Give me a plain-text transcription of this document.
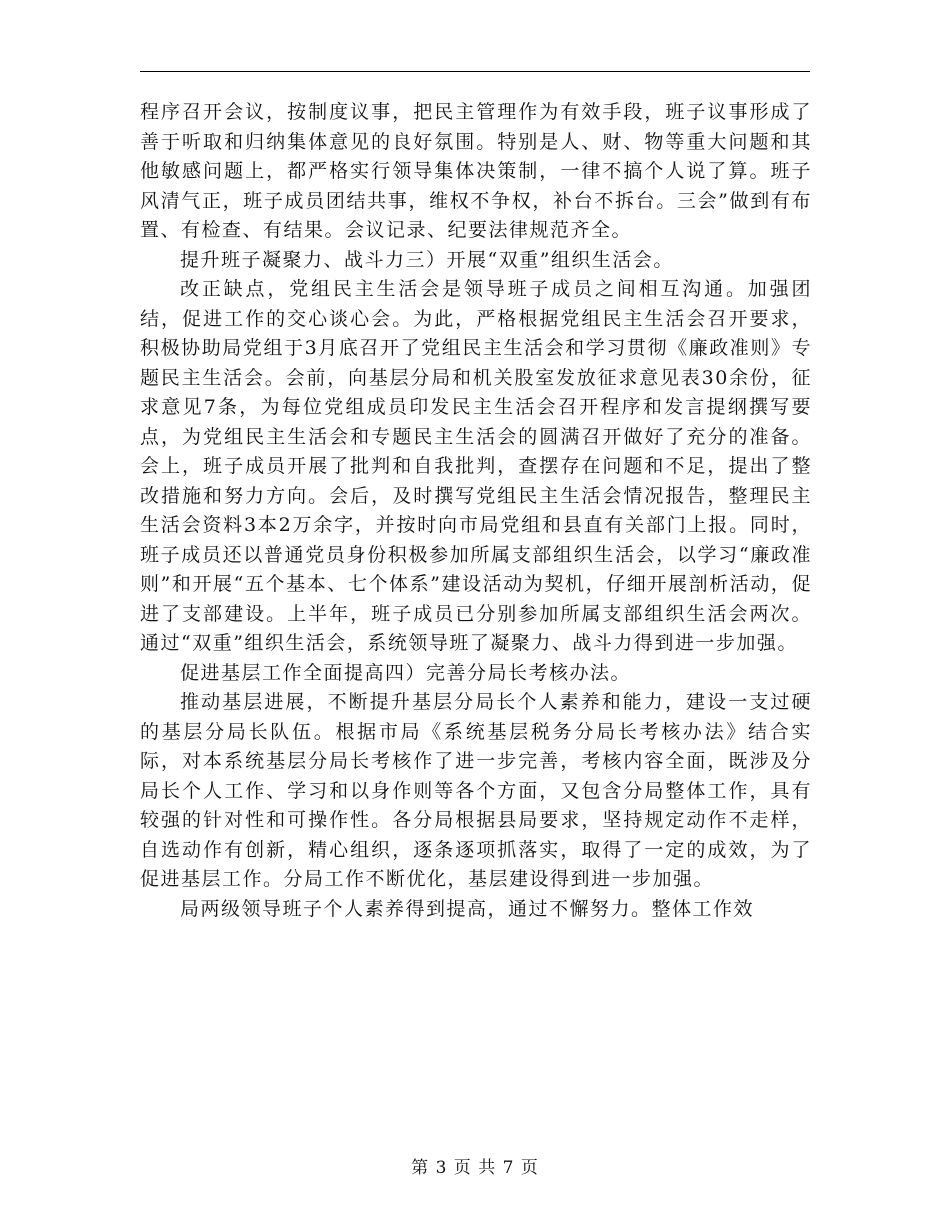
程序召开会议，按制度议事，把民主管理作为有效手段，班子议事形成了善于听取和归纳集体意见的良好氛围。特别是人、财、物等重大问题和其他敏感问题上，都严格实行领导集体决策制，一律不搞个人说了算。班子风清气正，班子成员团结共事，维权不争权，补台不拆台。三会”做到有布置、有检查、有结果。会议记录、纪要法律规范齐全。

提升班子凝聚力、战斗力三）开展“双重”组织生活会。

改正缺点，党组民主生活会是领导班子成员之间相互沟通。加强团结，促进工作的交心谈心会。为此，严格根据党组民主生活会召开要求，积极协助局党组于3月底召开了党组民主生活会和学习贯彻《廉政准则》专题民主生活会。会前，向基层分局和机关股室发放征求意见表30余份，征求意见7条，为每位党组成员印发民主生活会召开程序和发言提纲撰写要点，为党组民主生活会和专题民主生活会的圆满召开做好了充分的准备。会上，班子成员开展了批判和自我批判，查摆存在问题和不足，提出了整改措施和努力方向。会后，及时撰写党组民主生活会情况报告，整理民主生活会资料3本2万余字，并按时向市局党组和县直有关部门上报。同时，班子成员还以普通党员身份积极参加所属支部组织生活会，以学习“廉政准则”和开展“五个基本、七个体系”建设活动为契机，仔细开展剖析活动，促进了支部建设。上半年，班子成员已分别参加所属支部组织生活会两次。通过“双重”组织生活会，系统领导班了凝聚力、战斗力得到进一步加强。

促进基层工作全面提高四）完善分局长考核办法。

推动基层进展，不断提升基层分局长个人素养和能力，建设一支过硬的基层分局长队伍。根据市局《系统基层税务分局长考核办法》结合实际，对本系统基层分局长考核作了进一步完善，考核内容全面，既涉及分局长个人工作、学习和以身作则等各个方面，又包含分局整体工作，具有较强的针对性和可操作性。各分局根据县局要求，坚持规定动作不走样，自选动作有创新，精心组织，逐条逐项抓落实，取得了一定的成效，为了促进基层工作。分局工作不断优化，基层建设得到进一步加强。

局两级领导班子个人素养得到提高，通过不懈努力。整体工作效

第 3 页 共 7 页
